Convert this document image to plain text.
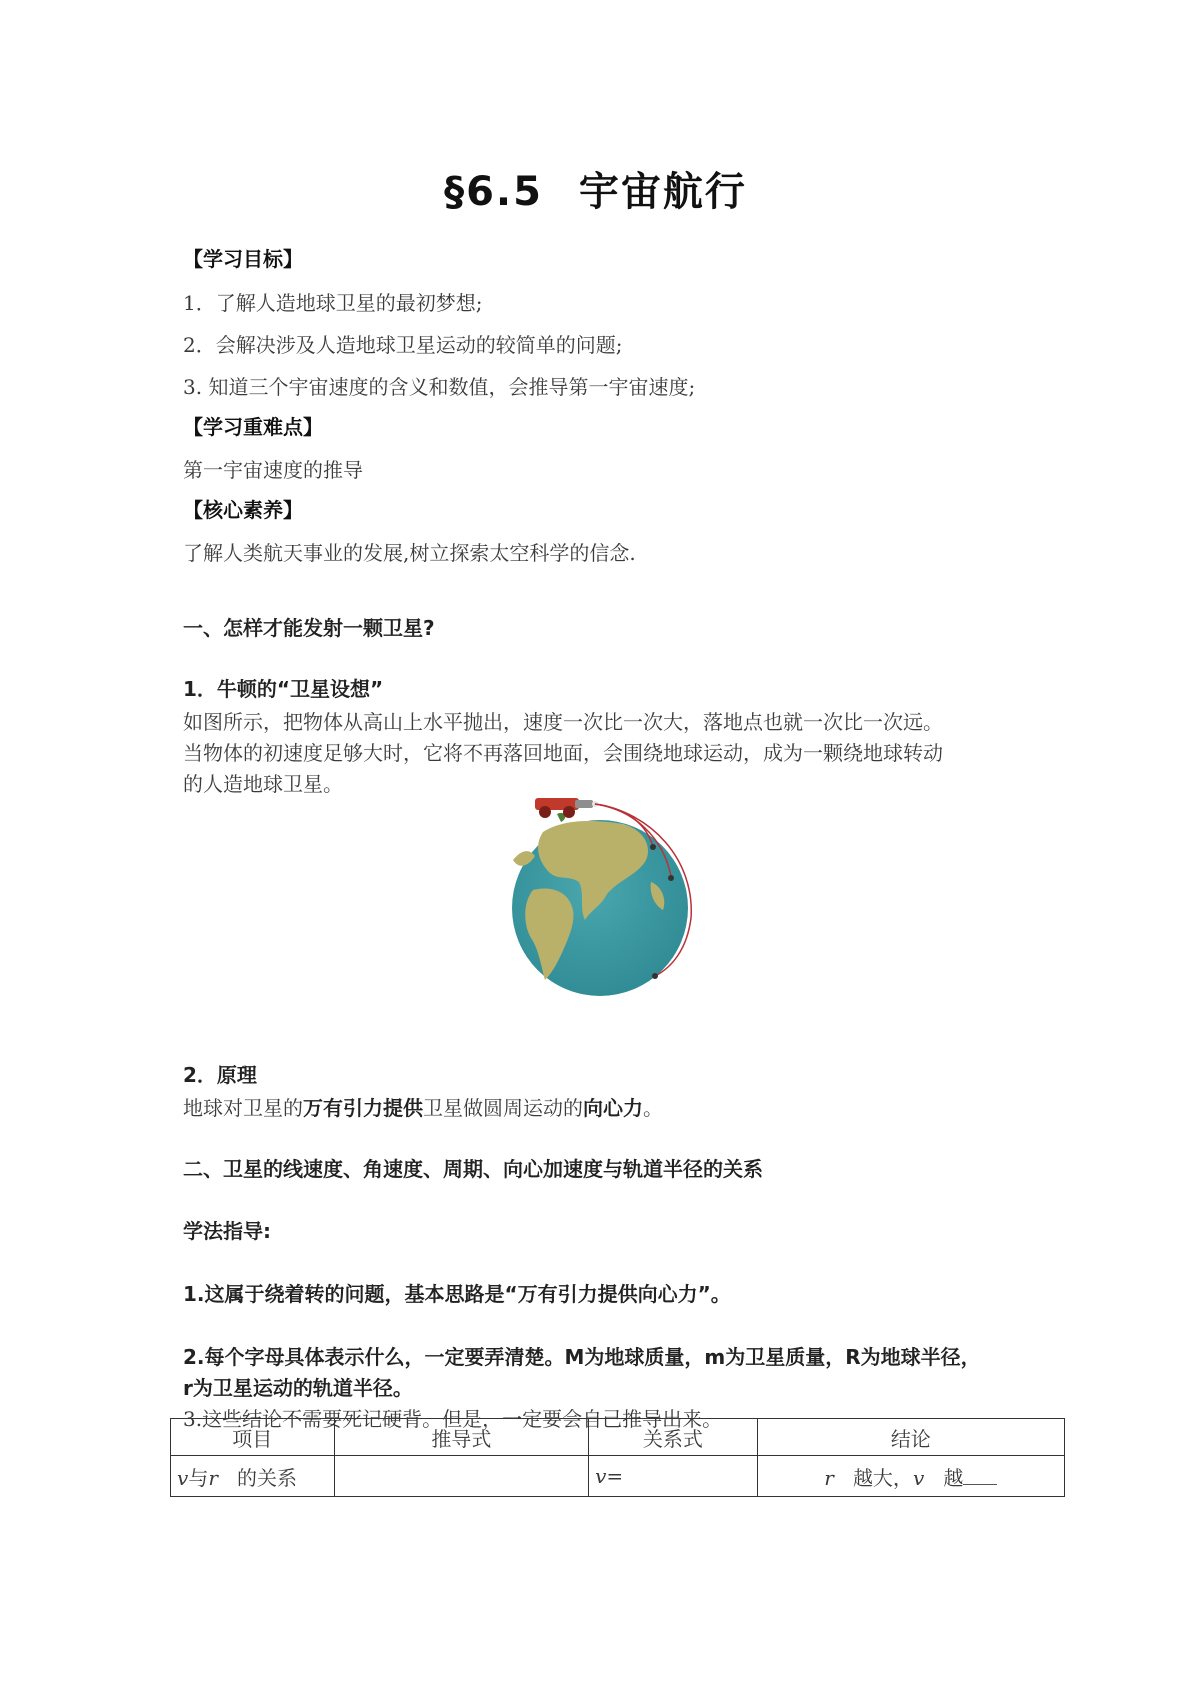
§6.5 宇宙航行
【学习目标】
1．了解人造地球卫星的最初梦想;
2．会解决涉及人造地球卫星运动的较简单的问题;
3. 知道三个宇宙速度的含义和数值，会推导第一宇宙速度;
【学习重难点】
第一宇宙速度的推导
【核心素养】
了解人类航天事业的发展,树立探索太空科学的信念.
一、怎样才能发射一颗卫星?
1．牛顿的“卫星设想”
如图所示，把物体从高山上水平抛出，速度一次比一次大，落地点也就一次比一次远。
当物体的初速度足够大时，它将不再落回地面，会围绕地球运动，成为一颗绕地球转动
的人造地球卫星。
2．原理
地球对卫星的万有引力提供卫星做圆周运动的向心力。
二、卫星的线速度、角速度、周期、向心加速度与轨道半径的关系
学法指导:
1.这属于绕着转的问题，基本思路是“万有引力提供向心力”。
2.每个字母具体表示什么，一定要弄清楚。M为地球质量，m为卫星质量，R为地球半径，
r为卫星运动的轨道半径。
3.这些结论不需要死记硬背。但是，一定要会自己推导出来。
项目	推导式	关系式	结论
v与r 的关系		v=	r 越大，v 越
